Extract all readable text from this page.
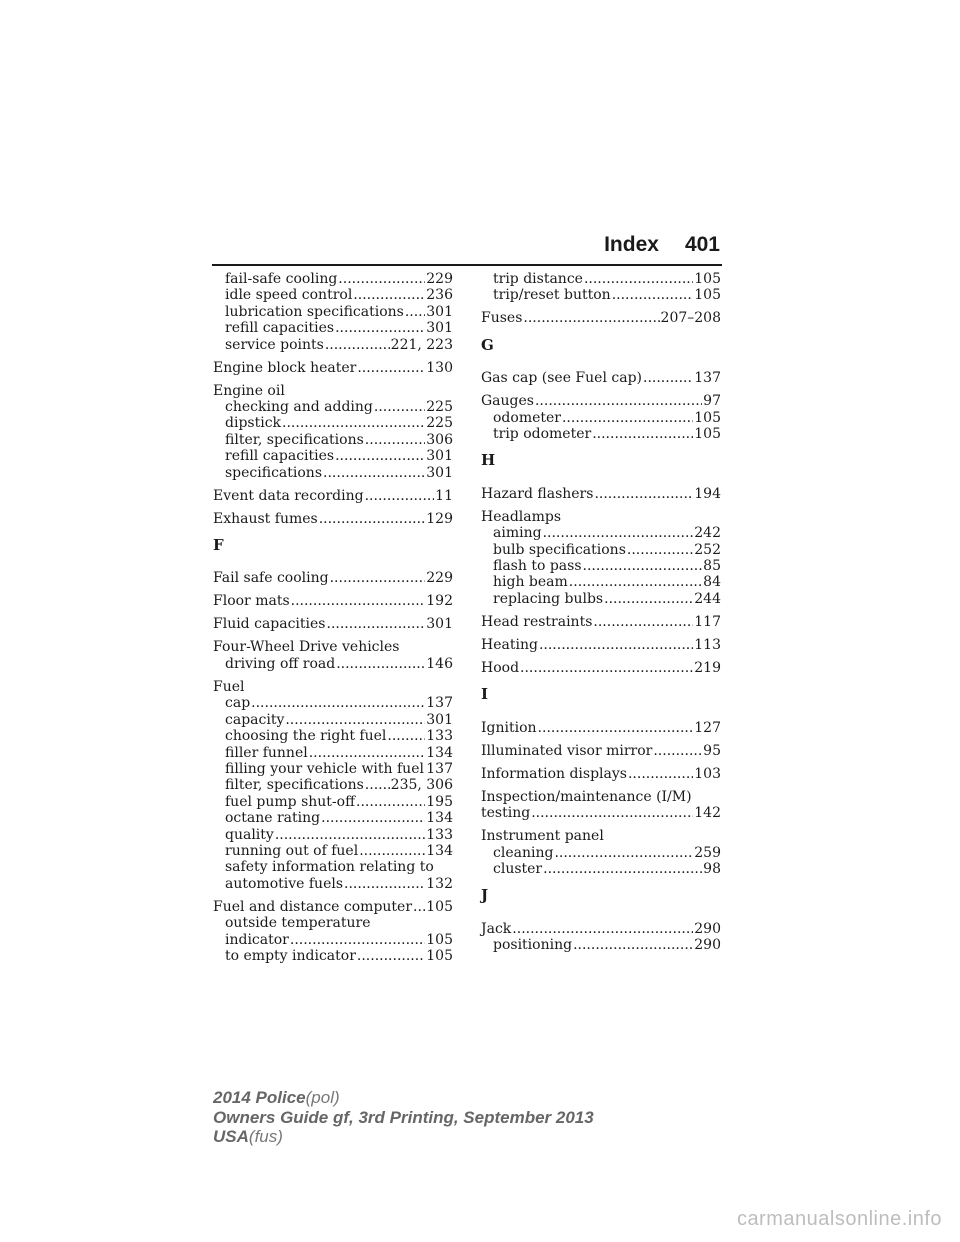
Index 401
fail-safe cooling .....	229
idle speed control .....	236
lubrication specifications ..... 301
refill capacities .....	301
service points .....	221, 223
Engine block heater .....	130
Engine oil
checking and adding .....	225
dipstick .....	225
filter, specifications .....	306
refill capacities .....	301
specifications .....	301
Event data recording .....	11
Exhaust fumes .....	129
F
Fail safe cooling .....	229
Floor mats .....	192
Fluid capacities .....	301
Four-Wheel Drive vehicles
driving off road .....	146
Fuel
cap .....	137
capacity .....	301
choosing the right fuel .....	133
filler funnel .....	134
filling your vehicle with fuel ..... 137
filter, specifications ..... 235, 306
fuel pump shut-off .....	195
octane rating .....	134
quality .....	133
running out of fuel .....	134
safety information relating to
automotive fuels .....	132
Fuel and distance computer ..... 105
outside temperature
indicator .....	105
to empty indicator .....	105
trip distance .....	105
trip/reset button .....	105
Fuses .....	207–208
G
Gas cap (see Fuel cap) .....	137
Gauges .....	97
odometer .....	105
trip odometer .....	105
H
Hazard flashers .....	194
Headlamps
aiming .....	242
bulb specifications .....	252
flash to pass .....	85
high beam .....	84
replacing bulbs .....	244
Head restraints .....	117
Heating .....	113
Hood .....	219
I
Ignition .....	127
Illuminated visor mirror .....	95
Information displays .....	103
Inspection/maintenance (I/M)
testing .....	142
Instrument panel
cleaning .....	259
cluster .....	98
J
Jack .....	290
positioning .....	290
2014 Police(pol)
Owners Guide gf, 3rd Printing, September 2013
USA(fus)
carmanualsonline.info
